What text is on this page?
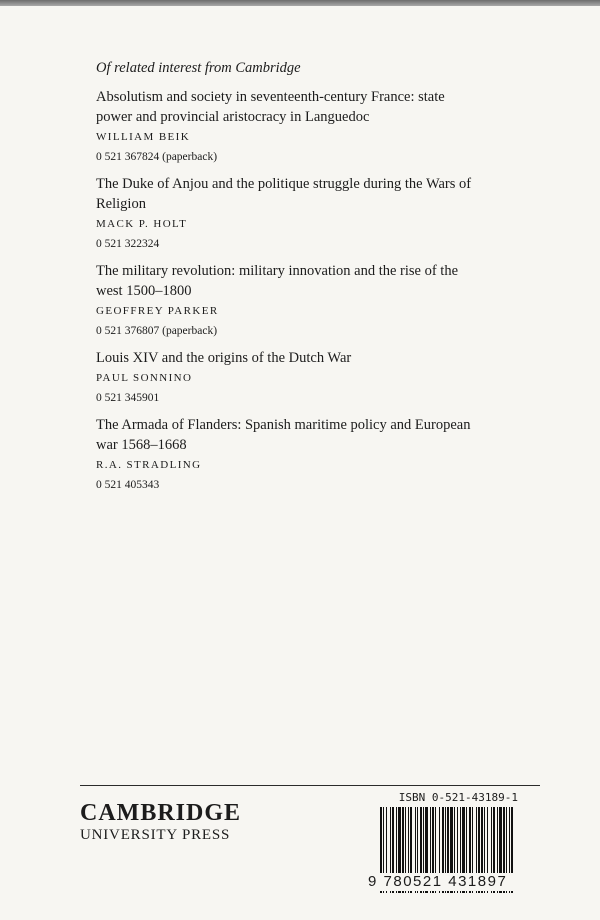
Of related interest from Cambridge
Absolutism and society in seventeenth-century France: state
power and provincial aristocracy in Languedoc
WILLIAM BEIK
0 521 367824 (paperback)
The Duke of Anjou and the politique struggle during the Wars of
Religion
MACK P. HOLT
0 521 322324
The military revolution: military innovation and the rise of the
west 1500–1800
GEOFFREY PARKER
0 521 376807 (paperback)
Louis XIV and the origins of the Dutch War
PAUL SONNINO
0 521 345901
The Armada of Flanders: Spanish maritime policy and European
war 1568–1668
R.A. STRADLING
0 521 405343
CAMBRIDGE
UNIVERSITY PRESS
ISBN 0-521-43189-1
9 780521 431897
